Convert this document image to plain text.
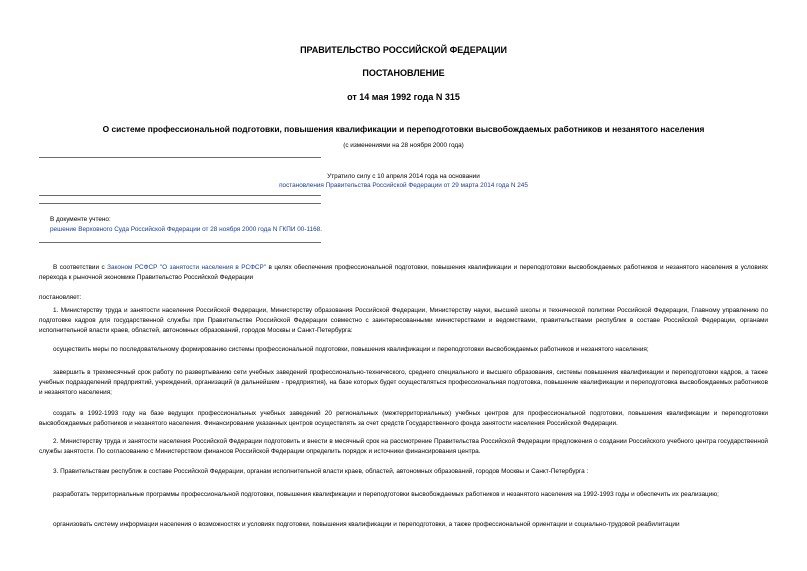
ПРАВИТЕЛЬСТВО РОССИЙСКОЙ ФЕДЕРАЦИИ
ПОСТАНОВЛЕНИЕ
от 14 мая 1992 года N 315
О системе профессиональной подготовки, повышения квалификации и переподготовки высвобождаемых работников и незанятого населения
(с изменениями на 28 ноября 2000 года)
Утратило силу с 10 апреля 2014 года на основании
постановления Правительства Российской Федерации от 29 марта 2014 года N 245
В документе учтено:
решение Верховного Суда Российской Федерации от 28 ноября 2000 года N ГКПИ 00-1168.
В соответствии с Законом РСФСР "О занятости населения в РСФСР" в целях обеспечения профессиональной подготовки, повышения квалификации и переподготовки высвобождаемых работников и незанятого населения в условиях перехода к рыночной экономике Правительство Российской Федерации
постановляет:
1. Министерству труда и занятости населения Российской Федерации, Министерству образования Российской Федерации, Министерству науки, высшей школы и технической политики Российской Федерации, Главному управлению по подготовке кадров для государственной службы при Правительстве Российской Федерации совместно с заинтересованными министерствами и ведомствами, правительствами республик в составе Российской Федерации, органами исполнительной власти краев, областей, автономных образований, городов Москвы и Санкт-Петербурга:
осуществить меры по последовательному формированию системы профессиональной подготовки, повышения квалификации и переподготовки высвобождаемых работников и незанятого населения;
завершить в трехмесячный срок работу по развертыванию сети учебных заведений профессионально-технического, среднего специального и высшего образования, системы повышения квалификации и переподготовки кадров, а также учебных подразделений предприятий, учреждений, организаций (в дальнейшем - предприятия), на базе которых будет осуществляться профессиональная подготовка, повышение квалификации и переподготовка высвобождаемых работников и незанятого населения;
создать в 1992-1993 году на базе ведущих профессиональных учебных заведений 20 региональных (межтерриториальных) учебных центров для профессиональной подготовки, повышения квалификации и переподготовки высвобождаемых работников и незанятого населения. Финансирование указанных центров осуществлять за счет средств Государственного фонда занятости населения Российской Федерации.
2. Министерству труда и занятости населения Российской Федерации подготовить и внести в месячный срок на рассмотрение Правительства Российской Федерации предложения о создании Российского учебного центра государственной службы занятости. По согласованию с Министерством финансов Российской Федерации определить порядок и источники финансирования центра.
3. Правительствам республик в составе Российской Федерации, органам исполнительной власти краев, областей, автономных образований, городов Москвы и Санкт-Петербурга :
разработать территориальные программы профессиональной подготовки, повышения квалификации и переподготовки высвобождаемых работников и незанятого населения на 1992-1993 годы и обеспечить их реализацию;
организовать систему информации населения о возможностях и условиях подготовки, повышения квалификации и переподготовки, а также профессиональной ориентации и социально-трудовой реабилитации
